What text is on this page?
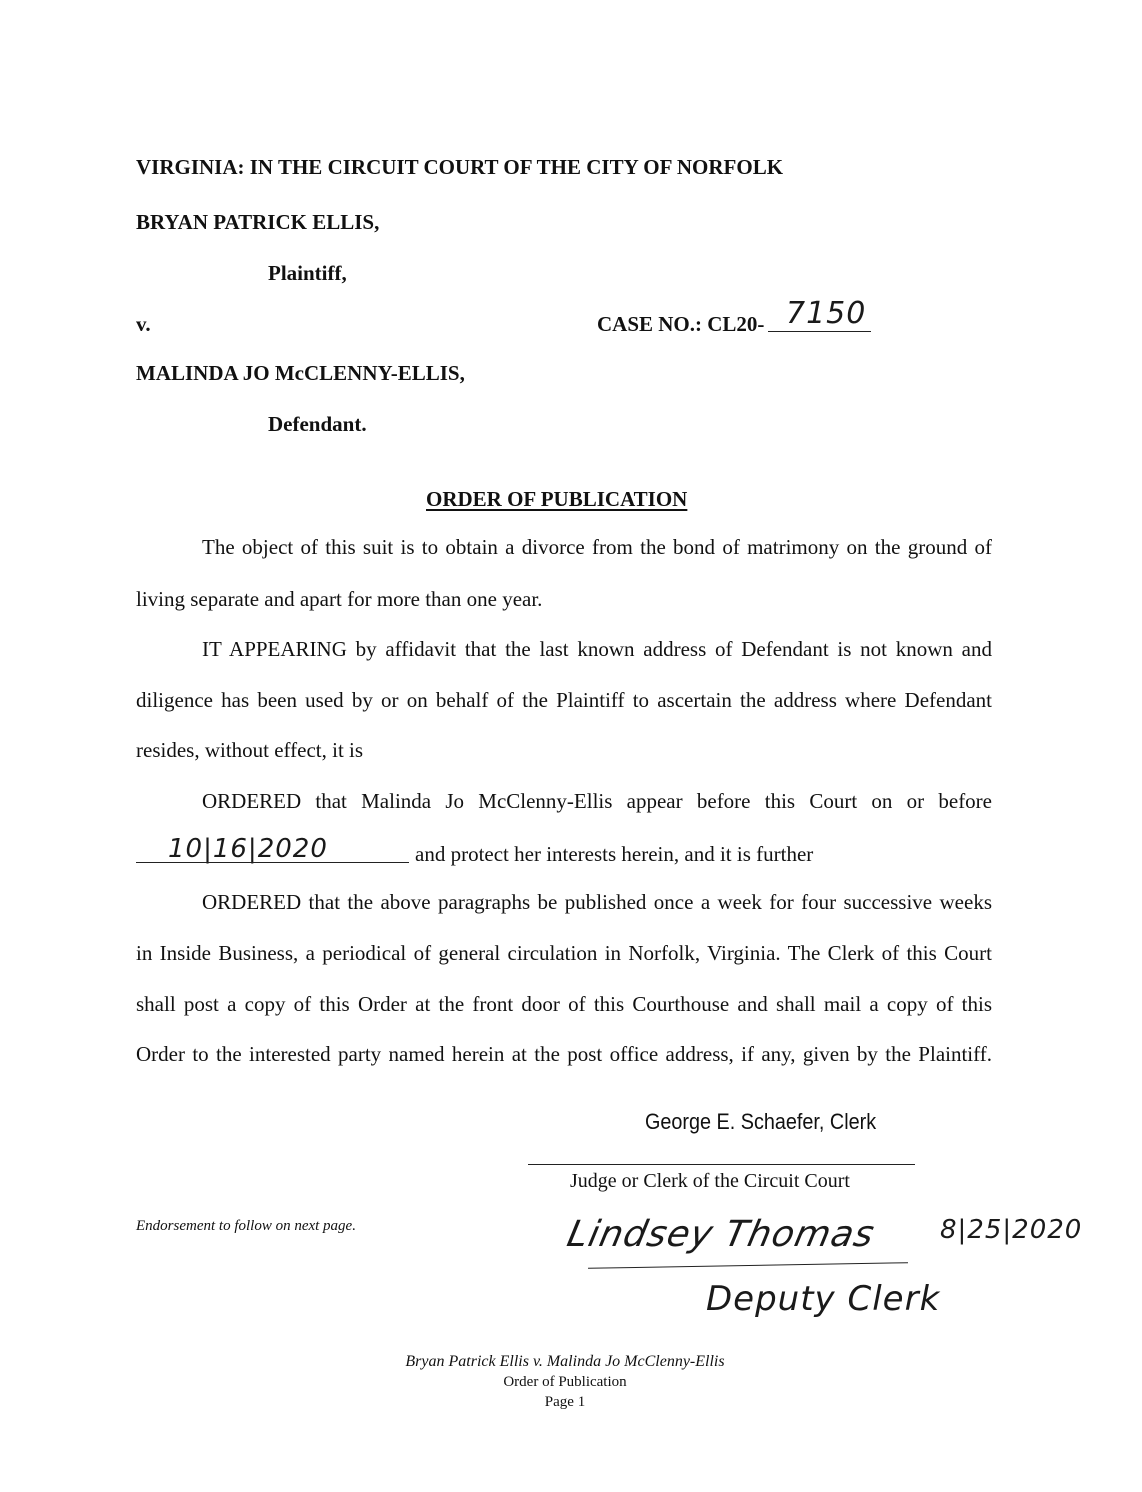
VIRGINIA: IN THE CIRCUIT COURT OF THE CITY OF NORFOLK
BRYAN PATRICK ELLIS,
Plaintiff,
v.	CASE NO.: CL20- 7150
MALINDA JO McCLENNY-ELLIS,
Defendant.
ORDER OF PUBLICATION
The object of this suit is to obtain a divorce from the bond of matrimony on the ground of
living separate and apart for more than one year.
IT APPEARING by affidavit that the last known address of Defendant is not known and
diligence has been used by or on behalf of the Plaintiff to ascertain the address where Defendant
resides, without effect, it is
ORDERED that Malinda Jo McClenny-Ellis appear before this Court on or before
10|16|2020	and protect her interests herein, and it is further
ORDERED that the above paragraphs be published once a week for four successive weeks
in Inside Business, a periodical of general circulation in Norfolk, Virginia. The Clerk of this Court
shall post a copy of this Order at the front door of this Courthouse and shall mail a copy of this
Order to the interested party named herein at the post office address, if any, given by the Plaintiff.
George E. Schaefer, Clerk
Judge or Clerk of the Circuit Court
Endorsement to follow on next page.	Lindsey Thomas 8|25|2020
Deputy Clerk
Bryan Patrick Ellis v. Malinda Jo McClenny-Ellis
Order of Publication
Page 1
